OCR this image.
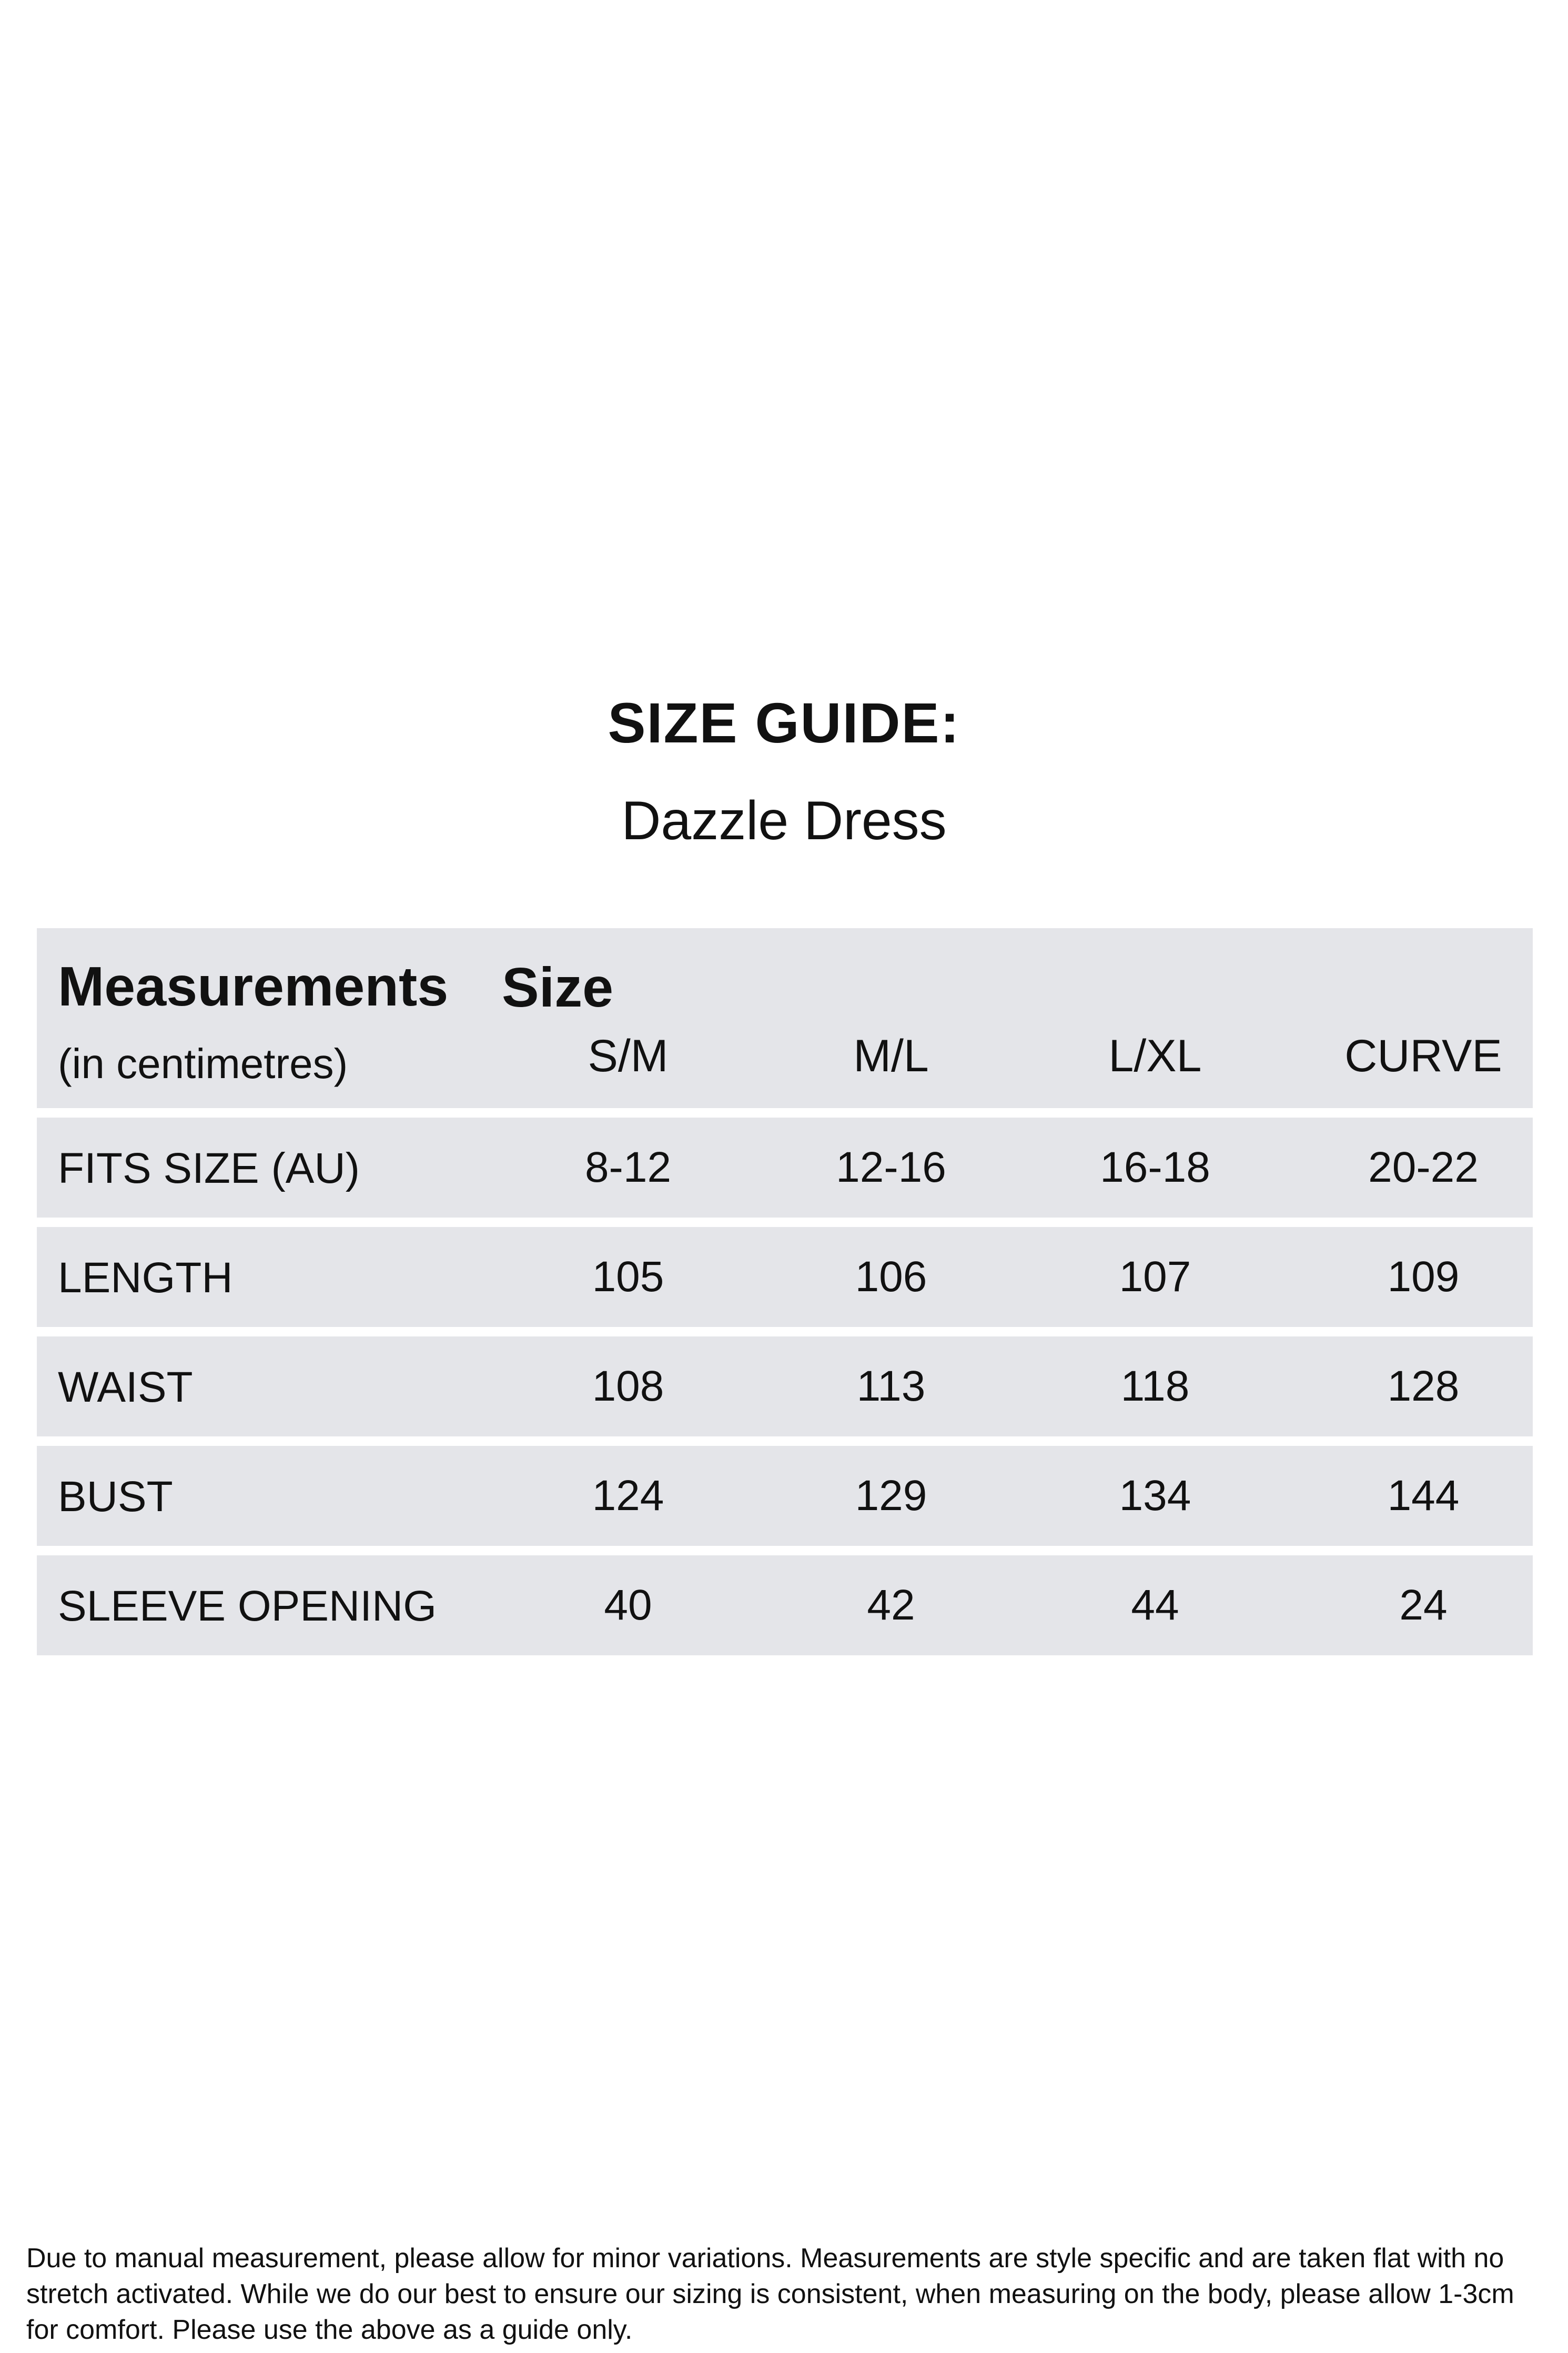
SIZE GUIDE:
Dazzle Dress
Measurements Size
(in centimetres)	S/M	M/L	L/XL	CURVE
FITS SIZE (AU)	8-12	12-16	16-18	20-22
LENGTH	105	106	107	109
WAIST	108	113	118	128
BUST	124	129	134	144
SLEEVE OPENING	40	42	44	24
Due to manual measurement, please allow for minor variations. Measurements are style specific and are taken flat with no stretch activated. While we do our best to ensure our sizing is consistent, when measuring on the body, please allow 1-3cm for comfort. Please use the above as a guide only.
